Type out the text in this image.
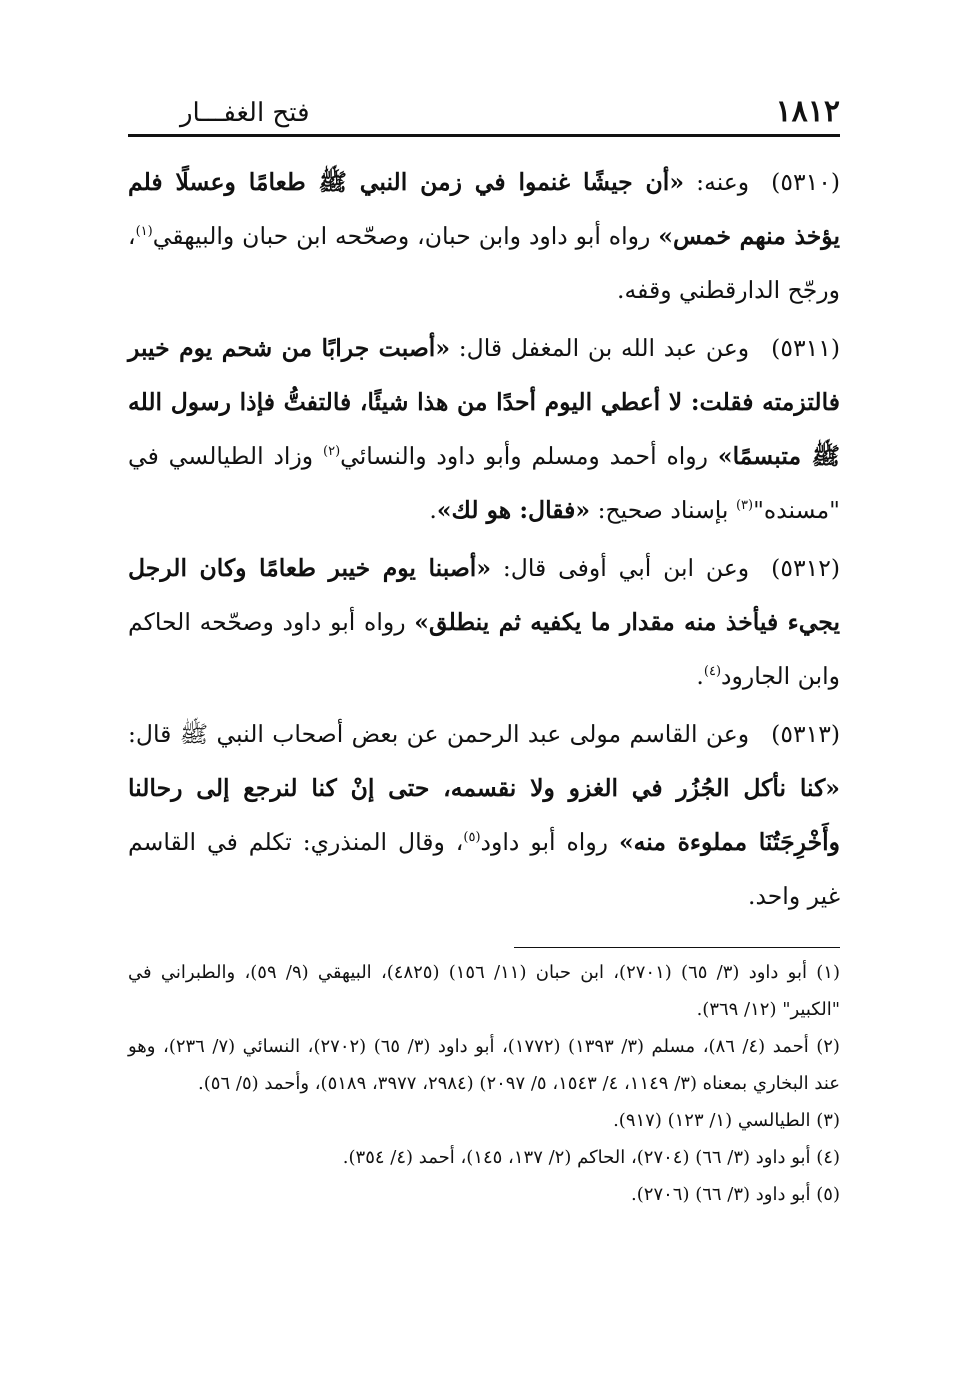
١٨١٢
فتح الغفـــار

(٥٣١٠)وعنه: «أن جيشًا غنموا في زمن النبي ﷺ طعامًا وعسلًا فلم يؤخذ منهم خمس» رواه أبو داود وابن حبان، وصحّحه ابن حبان والبيهقي$^{(١)}$، ورجّح الدارقطني وقفه.

(٥٣١١)وعن عبد الله بن المغفل قال: «أصبت جرابًا من شحم يوم خيبر فالتزمته فقلت: لا أعطي اليوم أحدًا من هذا شيئًا، فالتفتُّ فإذا رسول الله ﷺ متبسمًا» رواه أحمد ومسلم وأبو داود والنسائي$^{(٢)}$ وزاد الطيالسي في "مسنده"$^{(٣)}$ بإسناد صحيح: «فقال: هو لك».

(٥٣١٢)وعن ابن أبي أوفى قال: «أصبنا يوم خيبر طعامًا وكان الرجل يجيء فيأخذ منه مقدار ما يكفيه ثم ينطلق» رواه أبو داود وصحّحه الحاكم وابن الجارود$^{(٤)}$.

(٥٣١٣)وعن القاسم مولى عبد الرحمن عن بعض أصحاب النبي ﷺ قال: «كنا نأكل الجُزُر في الغزو ولا نقسمه، حتى إنْ كنا لنرجع إلى رحالنا وأَخْرِجَتُنَا مملوءة منه» رواه أبو داود$^{(٥)}$، وقال المنذري: تكلم في القاسم غير واحد.

(١) أبو داود (٣/ ٦٥) (٢٧٠١)، ابن حبان (١١/ ١٥٦) (٤٨٢٥)، البيهقي (٩/ ٥٩)، والطبراني في "الكبير" (١٢/ ٣٦٩).

(٢) أحمد (٤/ ٨٦)، مسلم (٣/ ١٣٩٣) (١٧٧٢)، أبو داود (٣/ ٦٥) (٢٧٠٢)، النسائي (٧/ ٢٣٦)، وهو عند البخاري بمعناه (٣/ ١١٤٩، ٤/ ١٥٤٣، ٥/ ٢٠٩٧) (٢٩٨٤، ٣٩٧٧، ٥١٨٩)، وأحمد (٥/ ٥٦).

(٣) الطيالسي (١/ ١٢٣) (٩١٧).

(٤) أبو داود (٣/ ٦٦) (٢٧٠٤)، الحاكم (٢/ ١٣٧، ١٤٥)، أحمد (٤/ ٣٥٤).

(٥) أبو داود (٣/ ٦٦) (٢٧٠٦).
